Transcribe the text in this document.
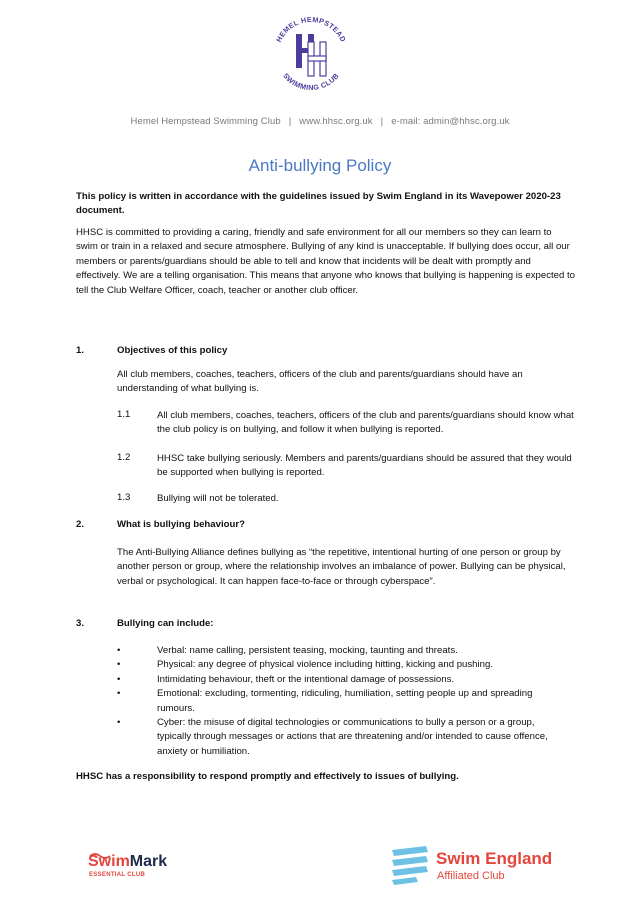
HEMEL HEMPSTEAD
SWIMMING CLUB
Hemel Hempstead Swimming Club | www.hhsc.org.uk | e-mail: admin@hhsc.org.uk
Anti-bullying Policy
This policy is written in accordance with the guidelines issued by Swim England in its Wavepower 2020-23 document.
HHSC is committed to providing a caring, friendly and safe environment for all our members so they can learn to swim or train in a relaxed and secure atmosphere. Bullying of any kind is unacceptable. If bullying does occur, all our members or parents/guardians should be able to tell and know that incidents will be dealt with promptly and effectively. We are a telling organisation. This means that anyone who knows that bullying is happening is expected to tell the Club Welfare Officer, coach, teacher or another club officer.
1.	Objectives of this policy
All club members, coaches, teachers, officers of the club and parents/guardians should have an understanding of what bullying is.
1.1	All club members, coaches, teachers, officers of the club and parents/guardians should know what the club policy is on bullying, and follow it when bullying is reported.
1.2	HHSC take bullying seriously. Members and parents/guardians should be assured that they would be supported when bullying is reported.
1.3	Bullying will not be tolerated.
2.	What is bullying behaviour?
The Anti-Bullying Alliance defines bullying as “the repetitive, intentional hurting of one person or group by another person or group, where the relationship involves an imbalance of power. Bullying can be physical, verbal or psychological. It can happen face-to-face or through cyberspace”.
3.	Bullying can include:
•	Verbal: name calling, persistent teasing, mocking, taunting and threats.
•	Physical: any degree of physical violence including hitting, kicking and pushing.
•	Intimidating behaviour, theft or the intentional damage of possessions.
•	Emotional: excluding, tormenting, ridiculing, humiliation, setting people up and spreading rumours.
•	Cyber: the misuse of digital technologies or communications to bully a person or a group, typically through messages or actions that are threatening and/or intended to cause offence, anxiety or humiliation.
HHSC has a responsibility to respond promptly and effectively to issues of bullying.
SwimMark
ESSENTIAL CLUB
Swim England
Affiliated Club
